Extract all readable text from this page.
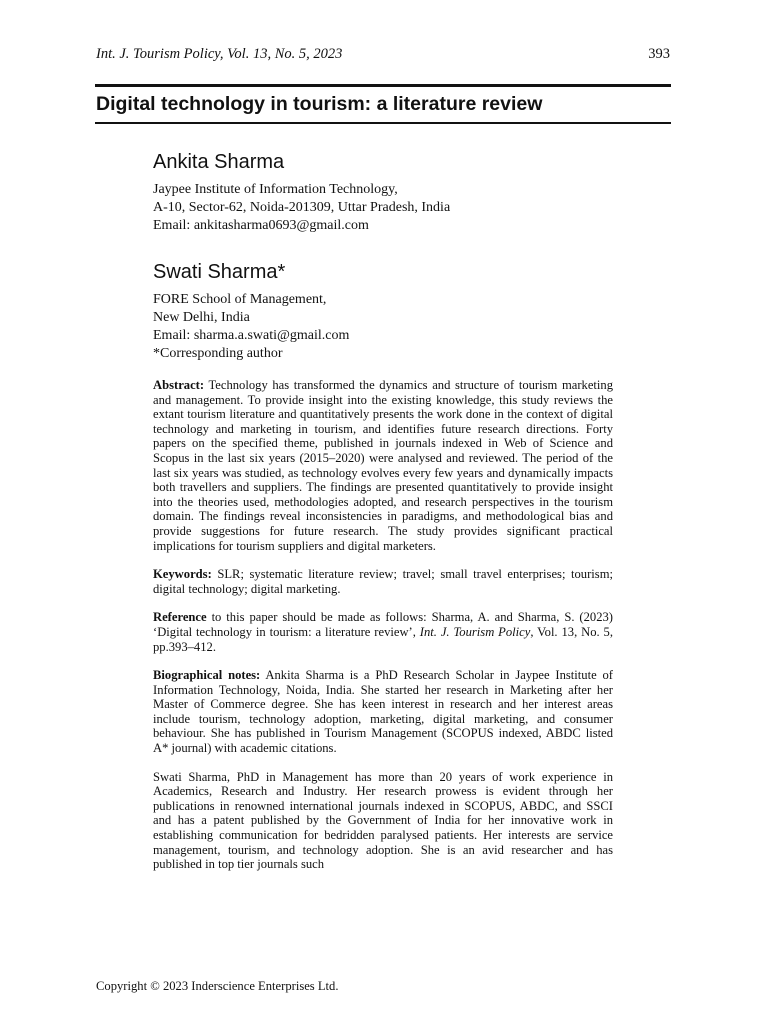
Int. J. Tourism Policy, Vol. 13, No. 5, 2023	393
Digital technology in tourism: a literature review
Ankita Sharma
Jaypee Institute of Information Technology,
A-10, Sector-62, Noida-201309, Uttar Pradesh, India
Email: ankitasharma0693@gmail.com
Swati Sharma*
FORE School of Management,
New Delhi, India
Email: sharma.a.swati@gmail.com
*Corresponding author

Abstract: Technology has transformed the dynamics and structure of tourism marketing and management. To provide insight into the existing knowledge, this study reviews the extant tourism literature and quantitatively presents the work done in the context of digital technology and marketing in tourism, and identifies future research directions. Forty papers on the specified theme, published in journals indexed in Web of Science and Scopus in the last six years (2015–2020) were analysed and reviewed. The period of the last six years was studied, as technology evolves every few years and dynamically impacts both travellers and suppliers. The findings are presented quantitatively to provide insight into the theories used, methodologies adopted, and research perspectives in the tourism domain. The findings reveal inconsistencies in paradigms, and methodological bias and provide suggestions for future research. The study provides significant practical implications for tourism suppliers and digital marketers.

Keywords: SLR; systematic literature review; travel; small travel enterprises; tourism; digital technology; digital marketing.

Reference to this paper should be made as follows: Sharma, A. and Sharma, S. (2023) ‘Digital technology in tourism: a literature review’, Int. J. Tourism Policy, Vol. 13, No. 5, pp.393–412.

Biographical notes: Ankita Sharma is a PhD Research Scholar in Jaypee Institute of Information Technology, Noida, India. She started her research in Marketing after her Master of Commerce degree. She has keen interest in research and her interest areas include tourism, technology adoption, marketing, digital marketing, and consumer behaviour. She has published in Tourism Management (SCOPUS indexed, ABDC listed A* journal) with academic citations.

Swati Sharma, PhD in Management has more than 20 years of work experience in Academics, Research and Industry. Her research prowess is evident through her publications in renowned international journals indexed in SCOPUS, ABDC, and SSCI and has a patent published by the Government of India for her innovative work in establishing communication for bedridden paralysed patients. Her interests are service management, tourism, and technology adoption. She is an avid researcher and has published in top tier journals such

Copyright © 2023 Inderscience Enterprises Ltd.
